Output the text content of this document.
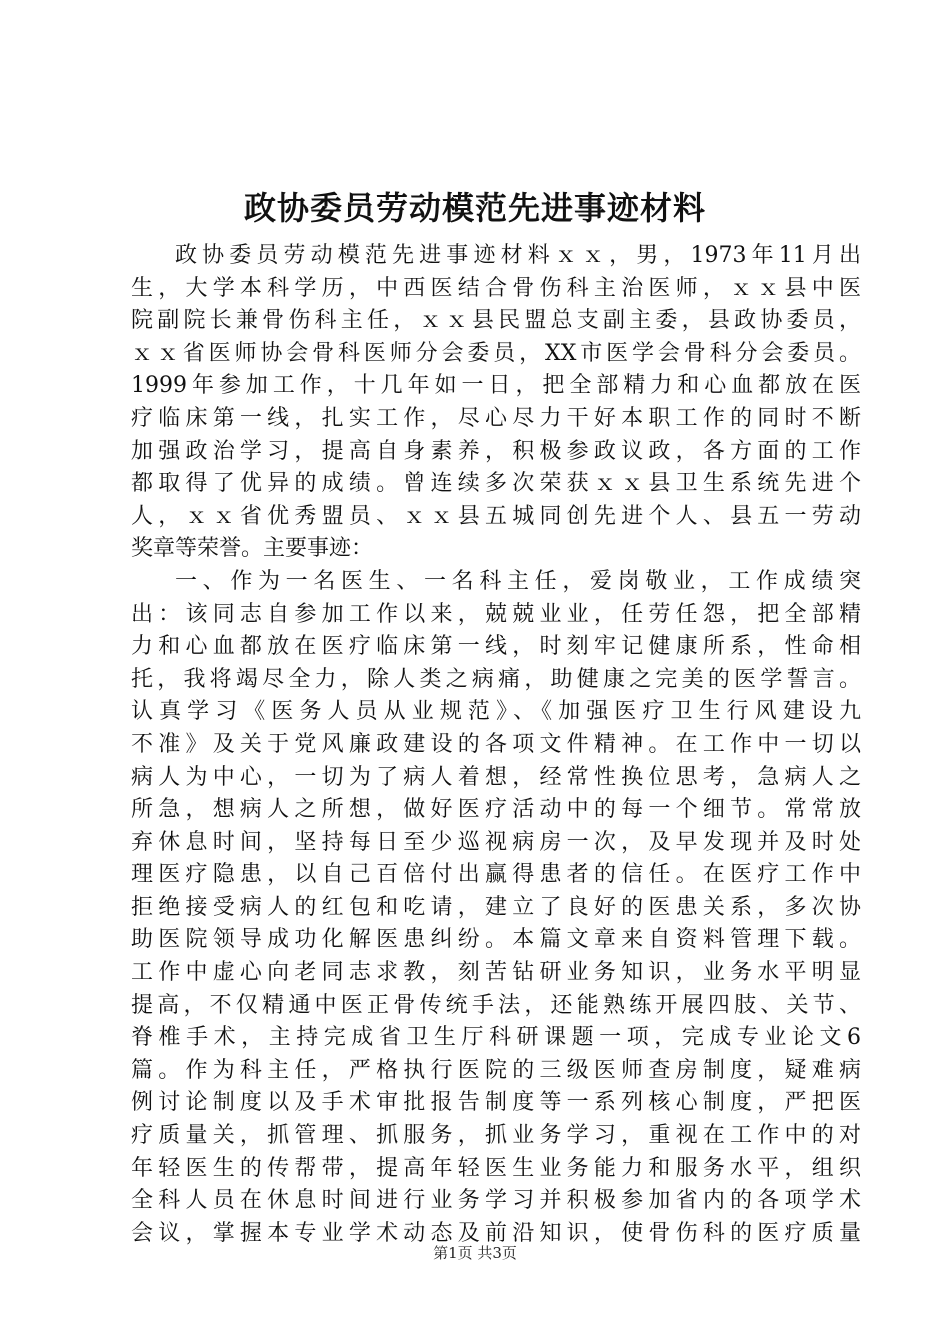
政协委员劳动模范先进事迹材料
政协委员劳动模范先进事迹材料ｘｘ，男，1973年11月出
生，大学本科学历，中西医结合骨伤科主治医师，ｘｘ县中医
院副院长兼骨伤科主任，ｘｘ县民盟总支副主委，县政协委员，
ｘｘ省医师协会骨科医师分会委员，XX市医学会骨科分会委员。
1999年参加工作，十几年如一日，把全部精力和心血都放在医
疗临床第一线，扎实工作，尽心尽力干好本职工作的同时不断
加强政治学习，提高自身素养，积极参政议政，各方面的工作
都取得了优异的成绩。曾连续多次荣获ｘｘ县卫生系统先进个
人，ｘｘ省优秀盟员、ｘｘ县五城同创先进个人、县五一劳动
奖章等荣誉。主要事迹：
一、作为一名医生、一名科主任，爱岗敬业，工作成绩突
出：该同志自参加工作以来，兢兢业业，任劳任怨，把全部精
力和心血都放在医疗临床第一线，时刻牢记健康所系，性命相
托，我将竭尽全力，除人类之病痛，助健康之完美的医学誓言。
认真学习《医务人员从业规范》、《加强医疗卫生行风建设九
不准》及关于党风廉政建设的各项文件精神。在工作中一切以
病人为中心，一切为了病人着想，经常性换位思考，急病人之
所急，想病人之所想，做好医疗活动中的每一个细节。常常放
弃休息时间，坚持每日至少巡视病房一次，及早发现并及时处
理医疗隐患，以自己百倍付出赢得患者的信任。在医疗工作中
拒绝接受病人的红包和吃请，建立了良好的医患关系，多次协
助医院领导成功化解医患纠纷。本篇文章来自资料管理下载。
工作中虚心向老同志求教，刻苦钻研业务知识，业务水平明显
提高，不仅精通中医正骨传统手法，还能熟练开展四肢、关节、
脊椎手术，主持完成省卫生厅科研课题一项，完成专业论文6
篇。作为科主任，严格执行医院的三级医师查房制度，疑难病
例讨论制度以及手术审批报告制度等一系列核心制度，严把医
疗质量关，抓管理、抓服务，抓业务学习，重视在工作中的对
年轻医生的传帮带，提高年轻医生业务能力和服务水平，组织
全科人员在休息时间进行业务学习并积极参加省内的各项学术
会议，掌握本专业学术动态及前沿知识，使骨伤科的医疗质量
第1页 共3页
